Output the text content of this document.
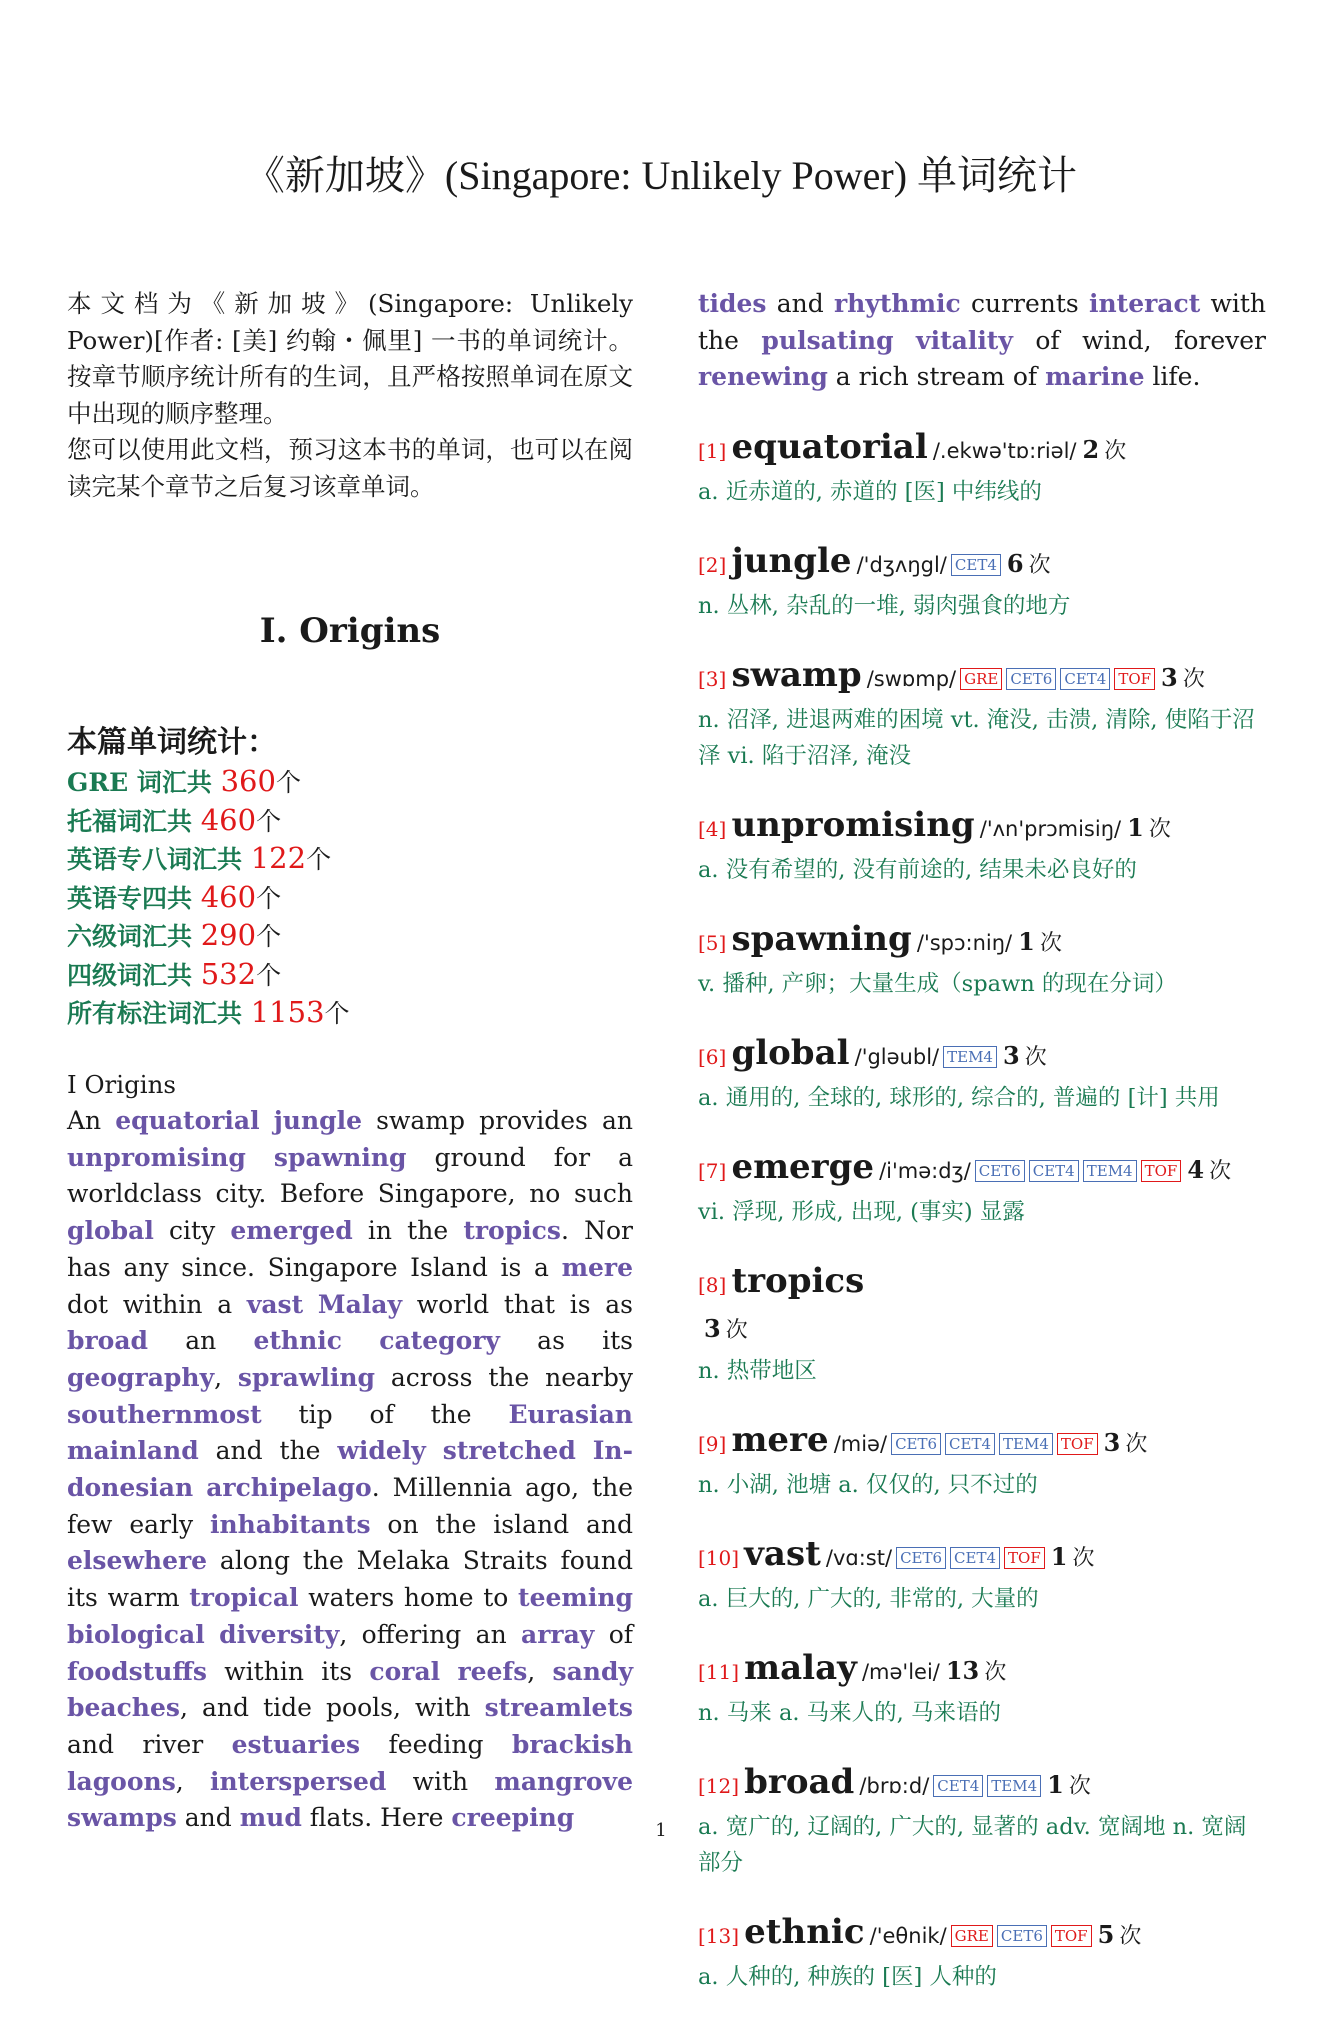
《新加坡》(Singapore: Unlikely Power) 单词统计

本文档为《新加坡》(Singapore: Unlikely Power)[作者: [美] 约翰・佩里] 一书的单词统计。按章节顺序统计所有的生词，且严格按照单词在原文中出现的顺序整理。

您可以使用此文档，预习这本书的单词，也可以在阅读完某个章节之后复习该章单词。

I. Origins
本篇单词统计：
GRE 词汇共 360个
托福词汇共 460个
英语专八词汇共 122个
英语专四共 460个
六级词汇共 290个
四级词汇共 532个
所有标注词汇共 1153个
I Origins
An equatorial jungle swamp provides an unpromising spawning ground for a worldclass city. Before Singapore, no such global city emerged in the tropics. Nor has any since. Singapore Island is a mere dot within a vast Malay world that is as broad an ethnic category as its geography, sprawling across the nearby southernmost tip of the Eurasian mainland and the widely stretched Indonesian archipelago. Millennia ago, the few early inhabitants on the island and elsewhere along the Melaka Straits found its warm tropical waters home to teeming biological diversity, offering an array of foodstuffs within its coral reefs, sandy beaches, and tide pools, with streamlets and river estuaries feeding brackish lagoons, interspersed with mangrove swamps and mud flats. Here creeping
tides and rhythmic currents interact with the pulsating vitality of wind, forever renewing a rich stream of marine life.
[1] equatorial /.ekwə'tɒ:riəl/ 2 次
a. 近赤道的, 赤道的 [医] 中纬线的
[2] jungle /'dʒʌŋgl/ CET4 6 次
n. 丛林, 杂乱的一堆, 弱肉强食的地方
[3] swamp /swɒmp/ GRE CET6 CET4 TOF 3 次
n. 沼泽, 进退两难的困境 vt. 淹没, 击溃, 清除, 使陷于沼泽 vi. 陷于沼泽, 淹没
[4] unpromising /'ʌn'prɔmisiŋ/ 1 次
a. 没有希望的, 没有前途的, 结果未必良好的
[5] spawning /'spɔ:niŋ/ 1 次
v. 播种, 产卵；大量生成（spawn 的现在分词）
[6] global /'gləubl/ TEM4 3 次
a. 通用的, 全球的, 球形的, 综合的, 普遍的 [计] 共用
[7] emerge /i'mə:dʒ/ CET6 CET4 TEM4 TOF 4 次
vi. 浮现, 形成, 出现, (事实) 显露
[8] tropics
3 次
n. 热带地区
[9] mere /miə/ CET6 CET4 TEM4 TOF 3 次
n. 小湖, 池塘 a. 仅仅的, 只不过的
[10] vast /vɑ:st/ CET6 CET4 TOF 1 次
a. 巨大的, 广大的, 非常的, 大量的
[11] malay /mə'lei/ 13 次
n. 马来 a. 马来人的, 马来语的
[12] broad /brɒ:d/ CET4 TEM4 1 次
a. 宽广的, 辽阔的, 广大的, 显著的 adv. 宽阔地 n. 宽阔部分
[13] ethnic /'eθnik/ GRE CET6 TOF 5 次
a. 人种的, 种族的 [医] 人种的
1
